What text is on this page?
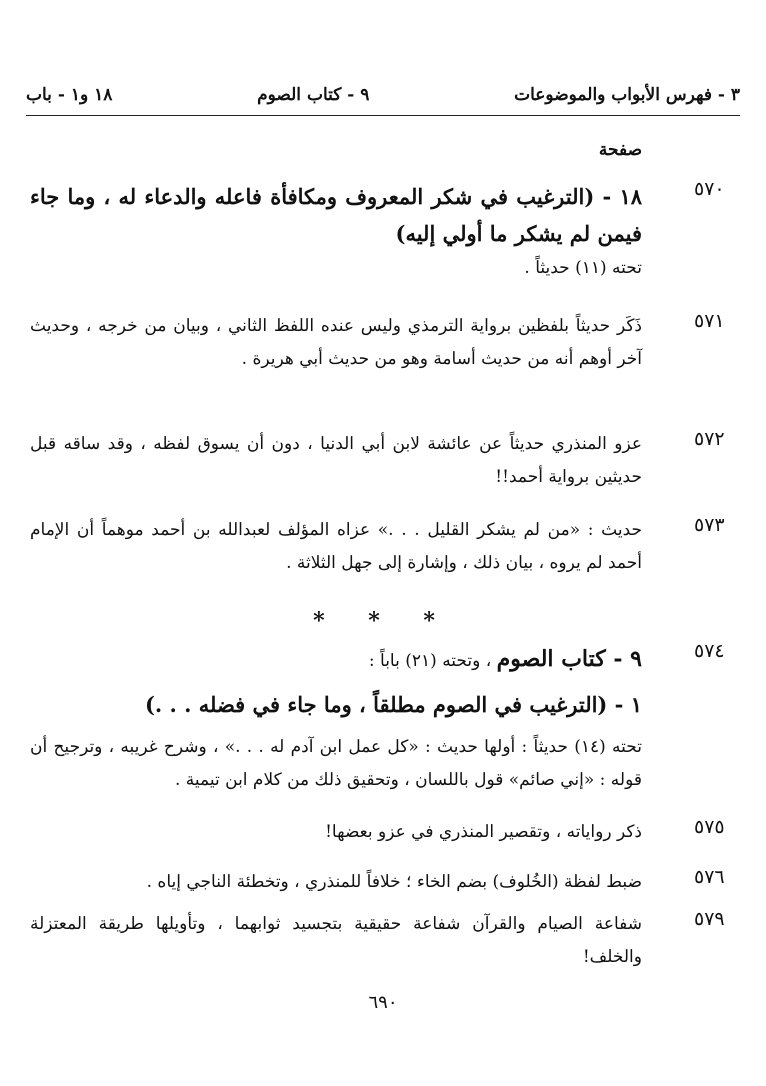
٣ - فهرس الأبواب والموضوعات
٩ - كتاب الصوم
١٨ و١ - باب
صفحة
٥٧٠

١٨ - (الترغيب في شكر المعروف ومكافأة فاعله والدعاء له ، وما جاء فيمن لم يشكر ما أولي إليه)

تحته (١١) حديثاً .

٥٧١

ذَكَر حديثاً بلفظين برواية الترمذي وليس عنده اللفظ الثاني ، وبيان من خرجه ، وحديث آخر أوهم أنه من حديث أسامة وهو من حديث أبي هريرة .

٥٧٢

عزو المنذري حديثاً عن عائشة لابن أبي الدنيا ، دون أن يسوق لفظه ، وقد ساقه قبل حديثين برواية أحمد!!

٥٧٣

حديث : «من لم يشكر القليل . . .» عزاه المؤلف لعبدالله بن أحمد موهماً أن الإمام أحمد لم يروه ، بيان ذلك ، وإشارة إلى جهل الثلاثة .

* * *
٥٧٤

٩ - كتاب الصوم ، وتحته (٢١) باباً :

١ - (الترغيب في الصوم مطلقاً ، وما جاء في فضله . . .)

تحته (١٤) حديثاً : أولها حديث : «كل عمل ابن آدم له . . .» ، وشرح غريبه ، وترجيح أن قوله : «إني صائم» قول باللسان ، وتحقيق ذلك من كلام ابن تيمية .

٥٧٥

ذكر رواياته ، وتقصير المنذري في عزو بعضها!

٥٧٦

ضبط لفظة (الخُلوف) بضم الخاء ؛ خلافاً للمنذري ، وتخطئة الناجي إياه .

٥٧٩

شفاعة الصيام والقرآن شفاعة حقيقية بتجسيد ثوابهما ، وتأويلها طريقة المعتزلة والخلف!

٦٩٠
